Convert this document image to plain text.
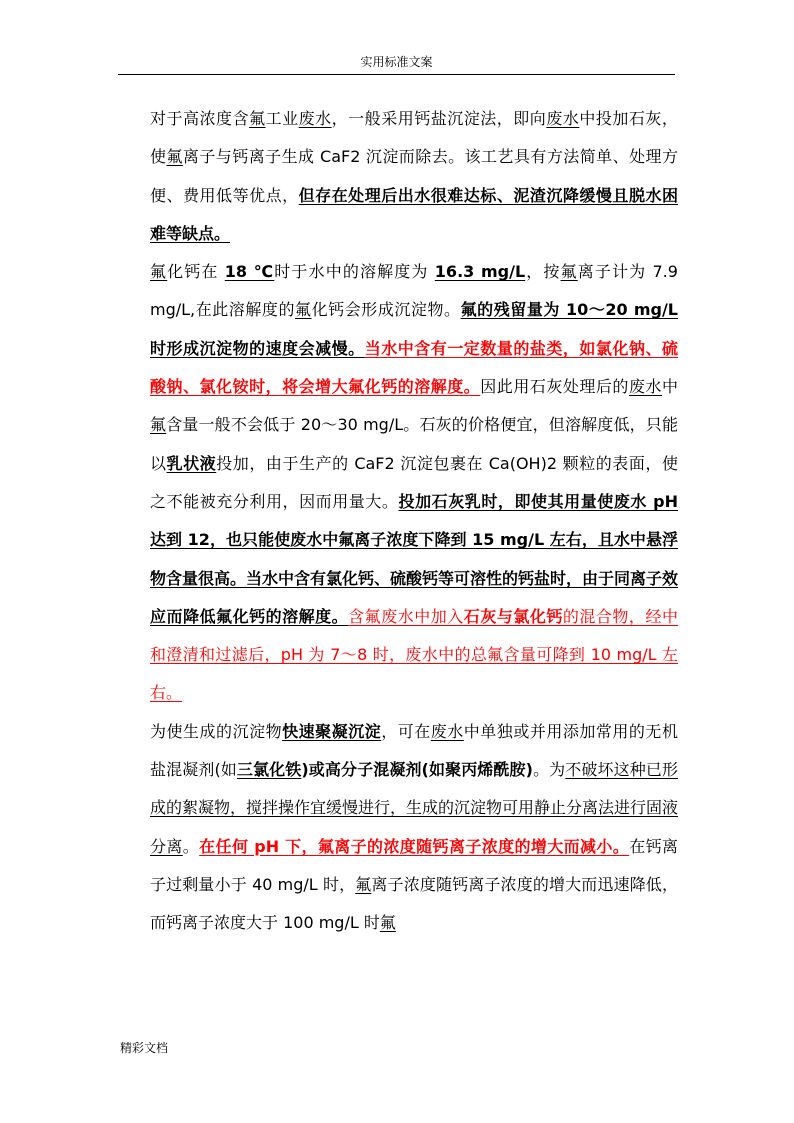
实用标准文案

对于高浓度含氟工业废水，一般采用钙盐沉淀法，即向废水中投加石灰，使氟离子与钙离子生成 CaF2 沉淀而除去。该工艺具有方法简单、处理方便、费用低等优点，但存在处理后出水很难达标、泥渣沉降缓慢且脱水困难等缺点。

氟化钙在 18 ℃时于水中的溶解度为 16.3 mg/L，按氟离子计为 7.9 mg/L,在此溶解度的氟化钙会形成沉淀物。氟的残留量为 10～20 mg/L 时形成沉淀物的速度会减慢。当水中含有一定数量的盐类，如氯化钠、硫酸钠、氯化铵时，将会增大氟化钙的溶解度。因此用石灰处理后的废水中氟含量一般不会低于 20～30 mg/L。石灰的价格便宜，但溶解度低，只能以乳状液投加，由于生产的 CaF2 沉淀包裹在 Ca(OH)2 颗粒的表面，使之不能被充分利用，因而用量大。投加石灰乳时，即使其用量使废水 pH 达到 12，也只能使废水中氟离子浓度下降到 15 mg/L 左右，且水中悬浮物含量很高。当水中含有氯化钙、硫酸钙等可溶性的钙盐时，由于同离子效应而降低氟化钙的溶解度。含氟废水中加入石灰与氯化钙的混合物，经中和澄清和过滤后，pH 为 7～8 时，废水中的总氟含量可降到 10 mg/L 左右。

为使生成的沉淀物快速聚凝沉淀，可在废水中单独或并用添加常用的无机盐混凝剂(如三氯化铁)或高分子混凝剂(如聚丙烯酰胺)。为不破坏这种已形成的絮凝物，搅拌操作宜缓慢进行，生成的沉淀物可用静止分离法进行固液分离。在任何 pH 下，氟离子的浓度随钙离子浓度的增大而减小。在钙离子过剩量小于 40 mg/L 时，氟离子浓度随钙离子浓度的增大而迅速降低，而钙离子浓度大于 100 mg/L 时氟

精彩文档
